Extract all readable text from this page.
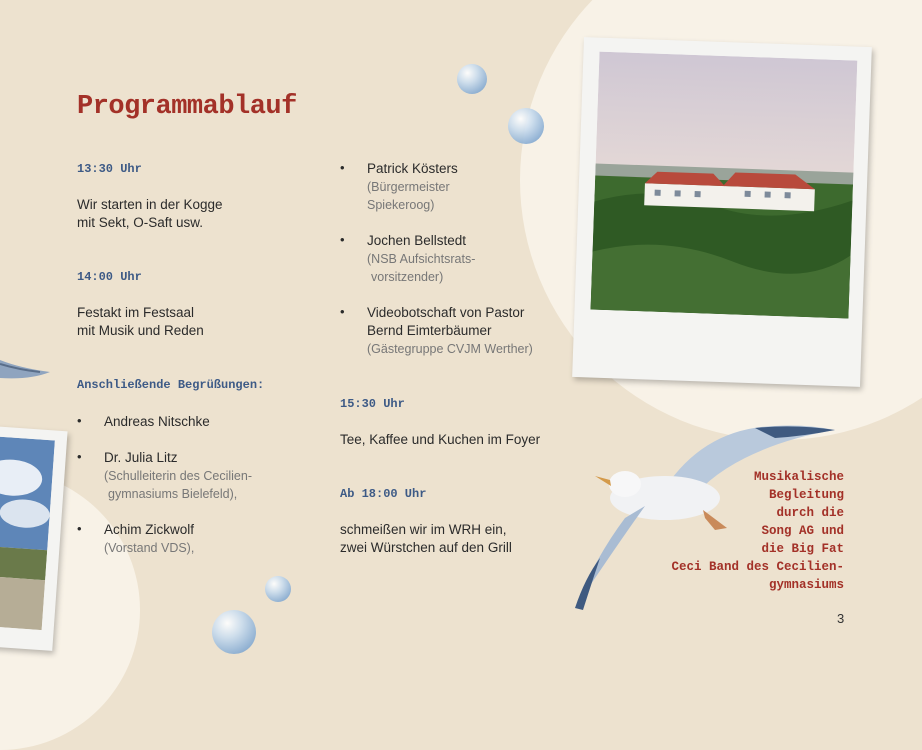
Programmablauf
13:30 Uhr
Wir starten in der Kogge
mit Sekt, O-Saft usw.
14:00 Uhr
Festakt im Festsaal
mit Musik und Reden
Anschließende Begrüßungen:
• Andreas Nitschke
• Dr. Julia Litz
(Schulleiterin des Cecilien-
gymnasiums Bielefeld),
• Achim Zickwolf
(Vorstand VDS),
• Patrick Kösters
(Bürgermeister
Spiekeroog)
• Jochen Bellstedt
(NSB Aufsichtsrats-
vorsitzender)
• Videobotschaft von Pastor
Bernd Eimterbäumer
(Gästegruppe CVJM Werther)
15:30 Uhr
Tee, Kaffee und Kuchen im Foyer
Ab 18:00 Uhr
schmeißen wir im WRH ein,
zwei Würstchen auf den Grill
Musikalische
Begleitung
durch die
Song AG und
die Big Fat
Ceci Band des Cecilien-
gymnasiums
3
